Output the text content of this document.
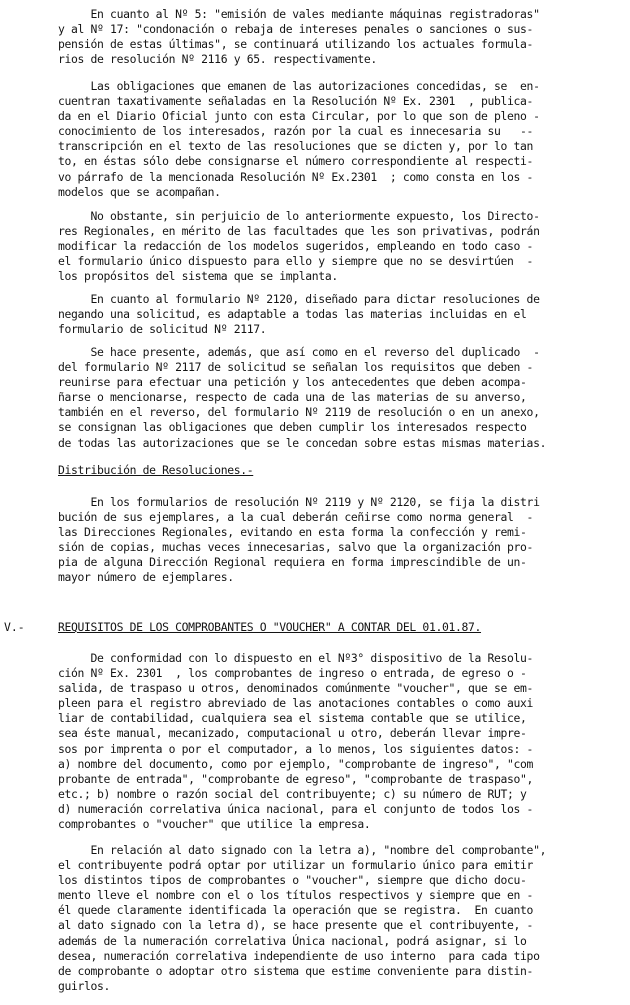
En cuanto al Nº 5: "emisión de vales mediante máquinas registradoras"
y al Nº 17: "condonación o rebaja de intereses penales o sanciones o sus-
pensión de estas últimas", se continuará utilizando los actuales formula-
rios de resolución Nº 2116 y 65. respectivamente.
Las obligaciones que emanen de las autorizaciones concedidas, se  en-
cuentran taxativamente señaladas en la Resolución Nº Ex. 2301  , publica-
da en el Diario Oficial junto con esta Circular, por lo que son de pleno -
conocimiento de los interesados, razón por la cual es innecesaria su   --
transcripción en el texto de las resoluciones que se dicten y, por lo tan
to, en éstas sólo debe consignarse el número correspondiente al respecti-
vo párrafo de la mencionada Resolución Nº Ex.2301  ; como consta en los -
modelos que se acompañan.
No obstante, sin perjuicio de lo anteriormente expuesto, los Directo-
res Regionales, en mérito de las facultades que les son privativas, podrán
modificar la redacción de los modelos sugeridos, empleando en todo caso -
el formulario único dispuesto para ello y siempre que no se desvirtúen  -
los propósitos del sistema que se implanta.
En cuanto al formulario Nº 2120, diseñado para dictar resoluciones de
negando una solicitud, es adaptable a todas las materias incluidas en el
formulario de solicitud Nº 2117.
Se hace presente, además, que así como en el reverso del duplicado  -
del formulario Nº 2117 de solicitud se señalan los requisitos que deben -
reunirse para efectuar una petición y los antecedentes que deben acompa-
ñarse o mencionarse, respecto de cada una de las materias de su anverso,
también en el reverso, del formulario Nº 2119 de resolución o en un anexo,
se consignan las obligaciones que deben cumplir los interesados respecto
de todas las autorizaciones que se le concedan sobre estas mismas materias.
Distribución de Resoluciones.-
En los formularios de resolución Nº 2119 y Nº 2120, se fija la distri
bución de sus ejemplares, a la cual deberán ceñirse como norma general  -
las Direcciones Regionales, evitando en esta forma la confección y remi-
sión de copias, muchas veces innecesarias, salvo que la organización pro-
pia de alguna Dirección Regional requiera en forma imprescindible de un-
mayor número de ejemplares.
V.-	REQUISITOS DE LOS COMPROBANTES O "VOUCHER" A CONTAR DEL 01.01.87.
De conformidad con lo dispuesto en el Nº3° dispositivo de la Resolu-
ción Nº Ex. 2301  , los comprobantes de ingreso o entrada, de egreso o -
salida, de traspaso u otros, denominados comúnmente "voucher", que se em-
pleen para el registro abreviado de las anotaciones contables o como auxi
liar de contabilidad, cualquiera sea el sistema contable que se utilice,
sea éste manual, mecanizado, computacional u otro, deberán llevar impre-
sos por imprenta o por el computador, a lo menos, los siguientes datos: -
a) nombre del documento, como por ejemplo, "comprobante de ingreso", "com
probante de entrada", "comprobante de egreso", "comprobante de traspaso",
etc.; b) nombre o razón social del contribuyente; c) su número de RUT; y
d) numeración correlativa única nacional, para el conjunto de todos los -
comprobantes o "voucher" que utilice la empresa.
En relación al dato signado con la letra a), "nombre del comprobante",
el contribuyente podrá optar por utilizar un formulario único para emitir
los distintos tipos de comprobantes o "voucher", siempre que dicho docu-
mento lleve el nombre con el o los títulos respectivos y siempre que en -
él quede claramente identificada la operación que se registra.  En cuanto
al dato signado con la letra d), se hace presente que el contribuyente, -
además de la numeración correlativa Única nacional, podrá asignar, si lo
desea, numeración correlativa independiente de uso interno  para cada tipo
de comprobante o adoptar otro sistema que estime conveniente para distin-
guirlos.
